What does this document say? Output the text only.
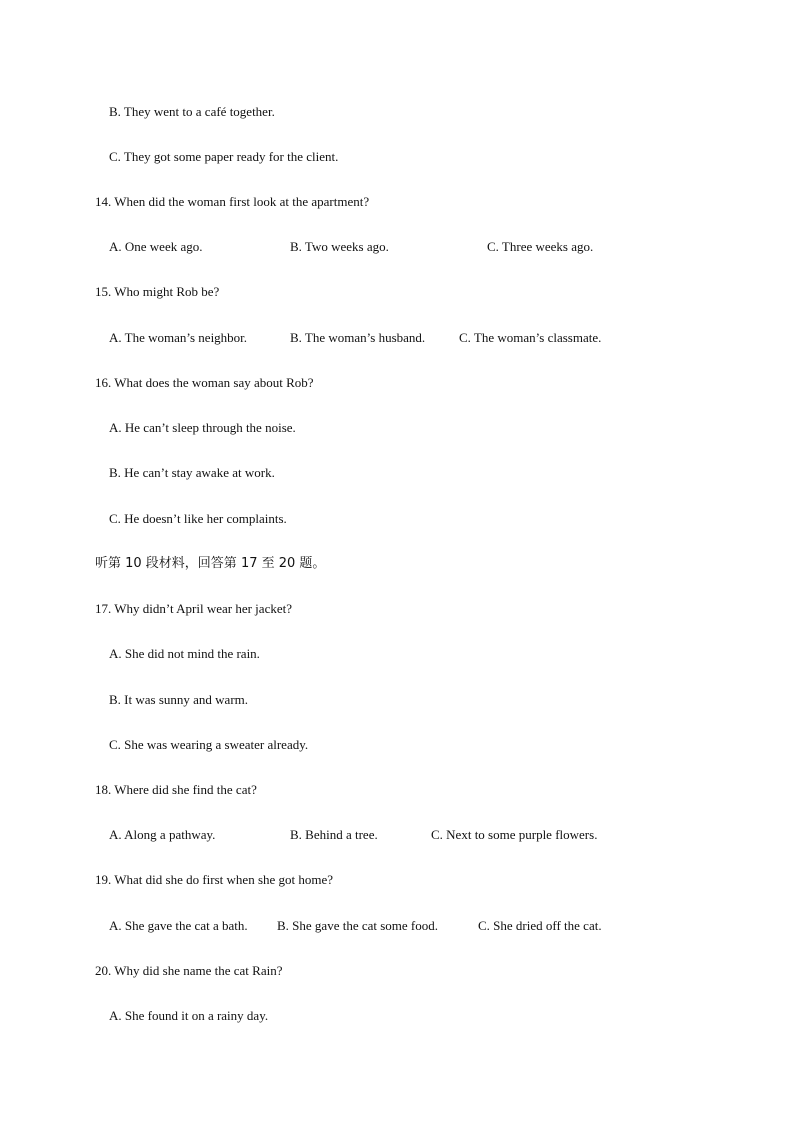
B. They went to a café together.

C. They got some paper ready for the client.

14. When did the woman first look at the apartment?

A. One week ago.	B. Two weeks ago.	C. Three weeks ago.

15. Who might Rob be?

A. The woman’s neighbor.	B. The woman’s husband.	C. The woman’s classmate.

16. What does the woman say about Rob?

A. He can’t sleep through the noise.

B. He can’t stay awake at work.

C. He doesn’t like her complaints.

听第 10 段材料，回答第 17 至 20 题。

17. Why didn’t April wear her jacket?

A. She did not mind the rain.

B. It was sunny and warm.

C. She was wearing a sweater already.

18. Where did she find the cat?

A. Along a pathway.	B. Behind a tree.	C. Next to some purple flowers.

19. What did she do first when she got home?

A. She gave the cat a bath. B. She gave the cat some food.	C. She dried off the cat.

20. Why did she name the cat Rain?

A. She found it on a rainy day.
